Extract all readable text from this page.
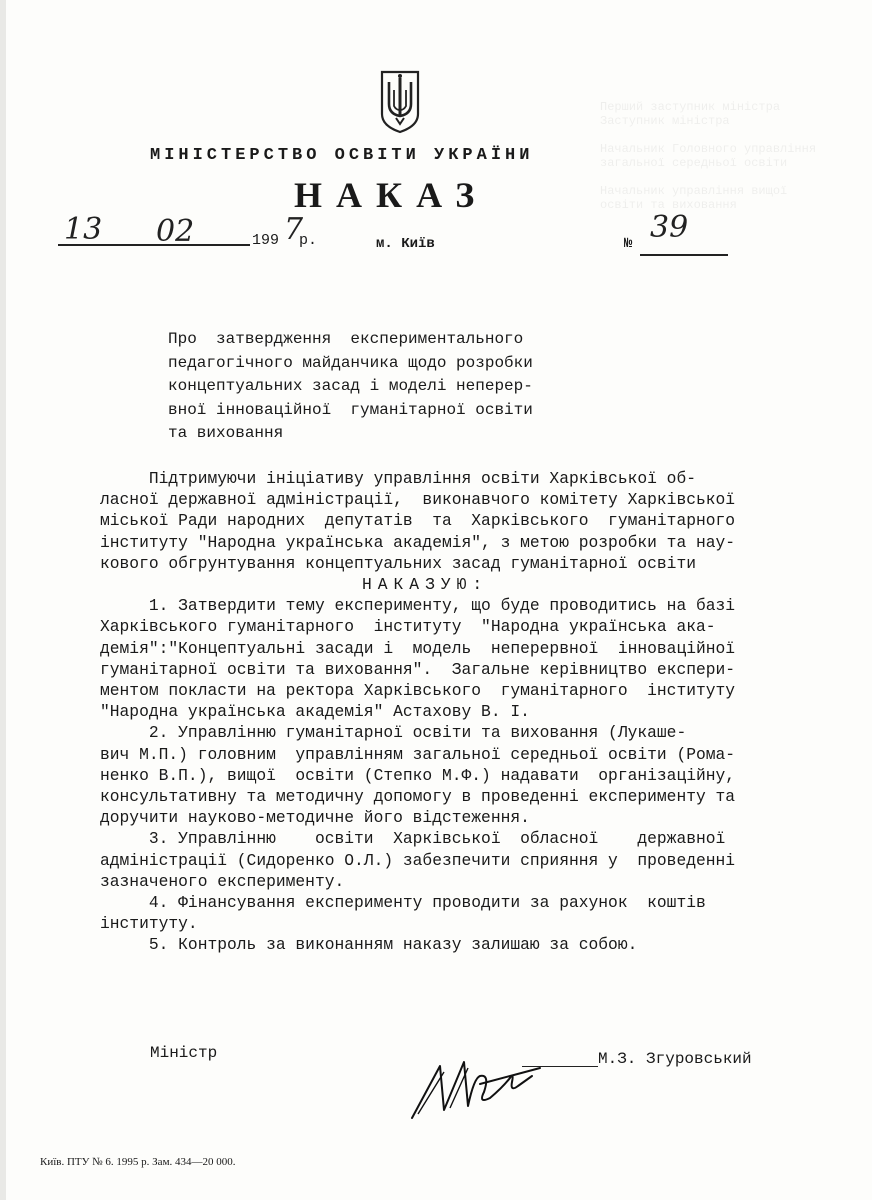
Перший заступник міністра
Заступник міністра

Начальник Головного управління
загальної середньої освіти

Начальник управління вищої
освіти та виховання
МІНІСТЕРСТВО ОСВІТИ УКРАЇНИ
НАКАЗ
13 02	199 р.
7	м. Київ	№ 39
Про  затвердження  експериментального
педагогічного майданчика щодо розробки
концептуальних засад і моделі неперер-
вної інноваційної  гуманітарної освіти
та виховання
Підтримуючи ініціативу управління освіти Харківської об-
ласної державної адміністрації,  виконавчого комітету Харківської
міської Ради народних  депутатів  та  Харківського  гуманітарного
інституту "Народна українська академія", з метою розробки та нау-
кового обгрунтування концептуальних засад гуманітарної освіти
НАКАЗУЮ:
1. Затвердити тему експерименту, що буде проводитись на базі
Харківського гуманітарного  інституту  "Народна українська ака-
демія":"Концептуальні засади і  модель  неперервної  інноваційної
гуманітарної освіти та виховання".  Загальне керівництво експери-
ментом покласти на ректора Харківського  гуманітарного  інституту
"Народна українська академія" Астахову В. І.
2. Управлінню гуманітарної освіти та виховання (Лукашe-
вич М.П.) головним  управлінням загальної середньої освіти (Рома-
ненко В.П.), вищої  освіти (Степко М.Ф.) надавати  організаційну,
консультативну та методичну допомогу в проведенні експерименту та
доручити науково-методичне його відстеження.
3. Управлінню    освіти  Харківської  обласної    державної
адміністрації (Сидоренко О.Л.) забезпечити сприяння у  проведенні
зазначеного експерименту.
4. Фінансування експерименту проводити за рахунок  коштів
інституту.
5. Контроль за виконанням наказу залишаю за собою.
Міністр	М.З. Згуровський
Київ. ПТУ № 6. 1995 р. Зам. 434—20 000.
